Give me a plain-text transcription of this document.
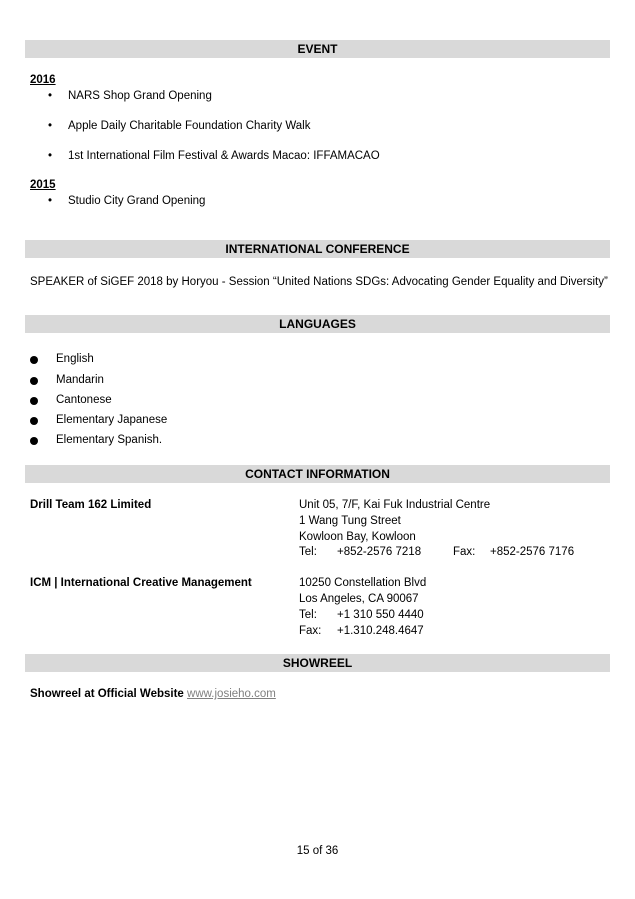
EVENT
2016
• NARS Shop Grand Opening
• Apple Daily Charitable Foundation Charity Walk
• 1st International Film Festival & Awards Macao: IFFAMACAO
2015
• Studio City Grand Opening
INTERNATIONAL CONFERENCE
SPEAKER of SiGEF 2018 by Horyou - Session “United Nations SDGs: Advocating Gender Equality and Diversity”
LANGUAGES
English
Mandarin
Cantonese
Elementary Japanese
Elementary Spanish.
CONTACT INFORMATION
Drill Team 162 Limited	Unit 05, 7/F, Kai Fuk Industrial Centre
1 Wang Tung Street
Kowloon Bay, Kowloon
Tel: +852-2576 7218	Fax: +852-2576 7176
ICM | International Creative Management	10250 Constellation Blvd
Los Angeles, CA 90067
Tel: +1 310 550 4440
Fax: +1.310.248.4647
SHOWREEL
Showreel at Official Website www.josieho.com
15 of 36
